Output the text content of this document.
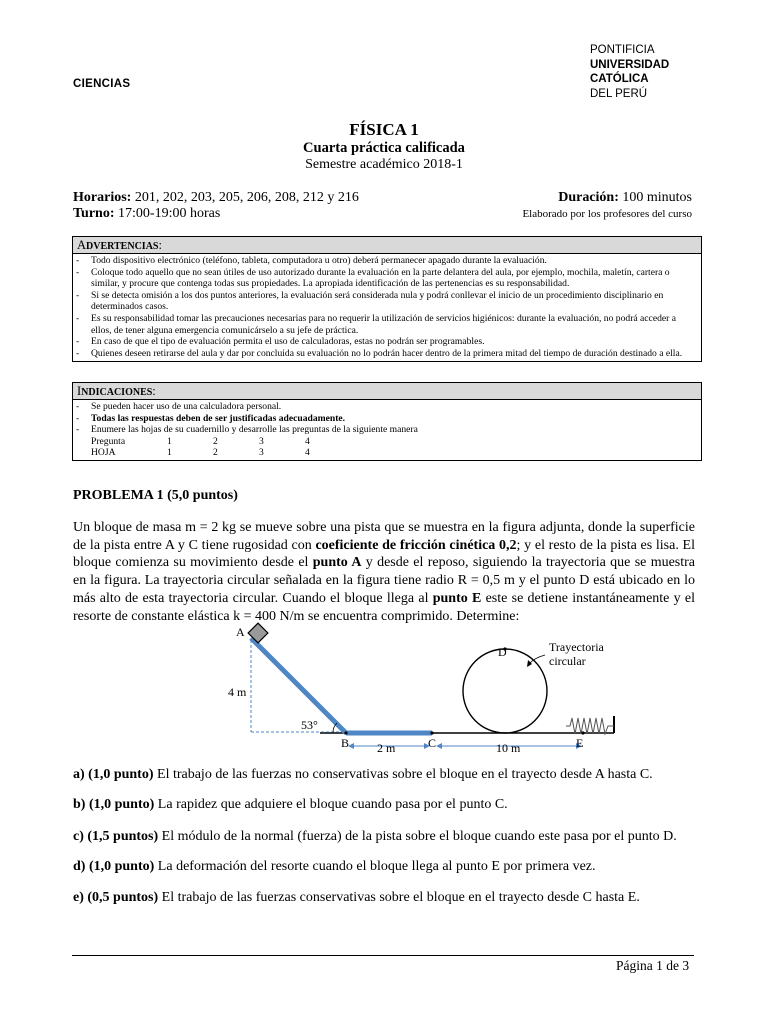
CIENCIAS
PONTIFICIA
UNIVERSIDAD
CATÓLICA
DEL PERÚ
FÍSICA 1
Cuarta práctica calificada
Semestre académico 2018-1
Horarios: 201, 202, 203, 205, 206, 208, 212 y 216
Turno: 17:00-19:00 horas
Duración: 100 minutos
Elaborado por los profesores del curso
ADVERTENCIAS:
- Todo dispositivo electrónico (teléfono, tableta, computadora u otro) deberá permanecer apagado durante la evaluación.
- Coloque todo aquello que no sean útiles de uso autorizado durante la evaluación en la parte delantera del aula, por ejemplo, mochila, maletín, cartera o similar, y procure que contenga todas sus propiedades. La apropiada identificación de las pertenencias es su responsabilidad.
- Si se detecta omisión a los dos puntos anteriores, la evaluación será considerada nula y podrá conllevar el inicio de un procedimiento disciplinario en determinados casos.
- Es su responsabilidad tomar las precauciones necesarias para no requerir la utilización de servicios higiénicos: durante la evaluación, no podrá acceder a ellos, de tener alguna emergencia comunicárselo a su jefe de práctica.
- En caso de que el tipo de evaluación permita el uso de calculadoras, estas no podrán ser programables.
- Quienes deseen retirarse del aula y dar por concluida su evaluación no lo podrán hacer dentro de la primera mitad del tiempo de duración destinado a ella.
INDICACIONES:
- Se pueden hacer uso de una calculadora personal.
- Todas las respuestas deben de ser justificadas adecuadamente.
- Enumere las hojas de su cuadernillo y desarrolle las preguntas de la siguiente manera
Pregunta	1	2	3	4
HOJA	1	2	3	4
PROBLEMA 1 (5,0 puntos)
Un bloque de masa m = 2 kg se mueve sobre una pista que se muestra en la figura adjunta, donde la superficie de la pista entre A y C tiene rugosidad con coeficiente de fricción cinética 0,2; y el resto de la pista es lisa. El bloque comienza su movimiento desde el punto A y desde el reposo, siguiendo la trayectoria que se muestra en la figura. La trayectoria circular señalada en la figura tiene radio R = 0,5 m y el punto D está ubicado en lo más alto de esta trayectoria circular. Cuando el bloque llega al punto E este se detiene instantáneamente y el resorte de constante elástica k = 400 N/m se encuentra comprimido. Determine:
A
B	C
D
E
4 m
53°
2 m	10 m
Trayectoria
circular
a) (1,0 punto) El trabajo de las fuerzas no conservativas sobre el bloque en el trayecto desde A hasta C.
b) (1,0 punto) La rapidez que adquiere el bloque cuando pasa por el punto C.
c) (1,5 puntos) El módulo de la normal (fuerza) de la pista sobre el bloque cuando este pasa por el punto D.
d) (1,0 punto) La deformación del resorte cuando el bloque llega al punto E por primera vez.
e) (0,5 puntos) El trabajo de las fuerzas conservativas sobre el bloque en el trayecto desde C hasta E.
Página 1 de 3
